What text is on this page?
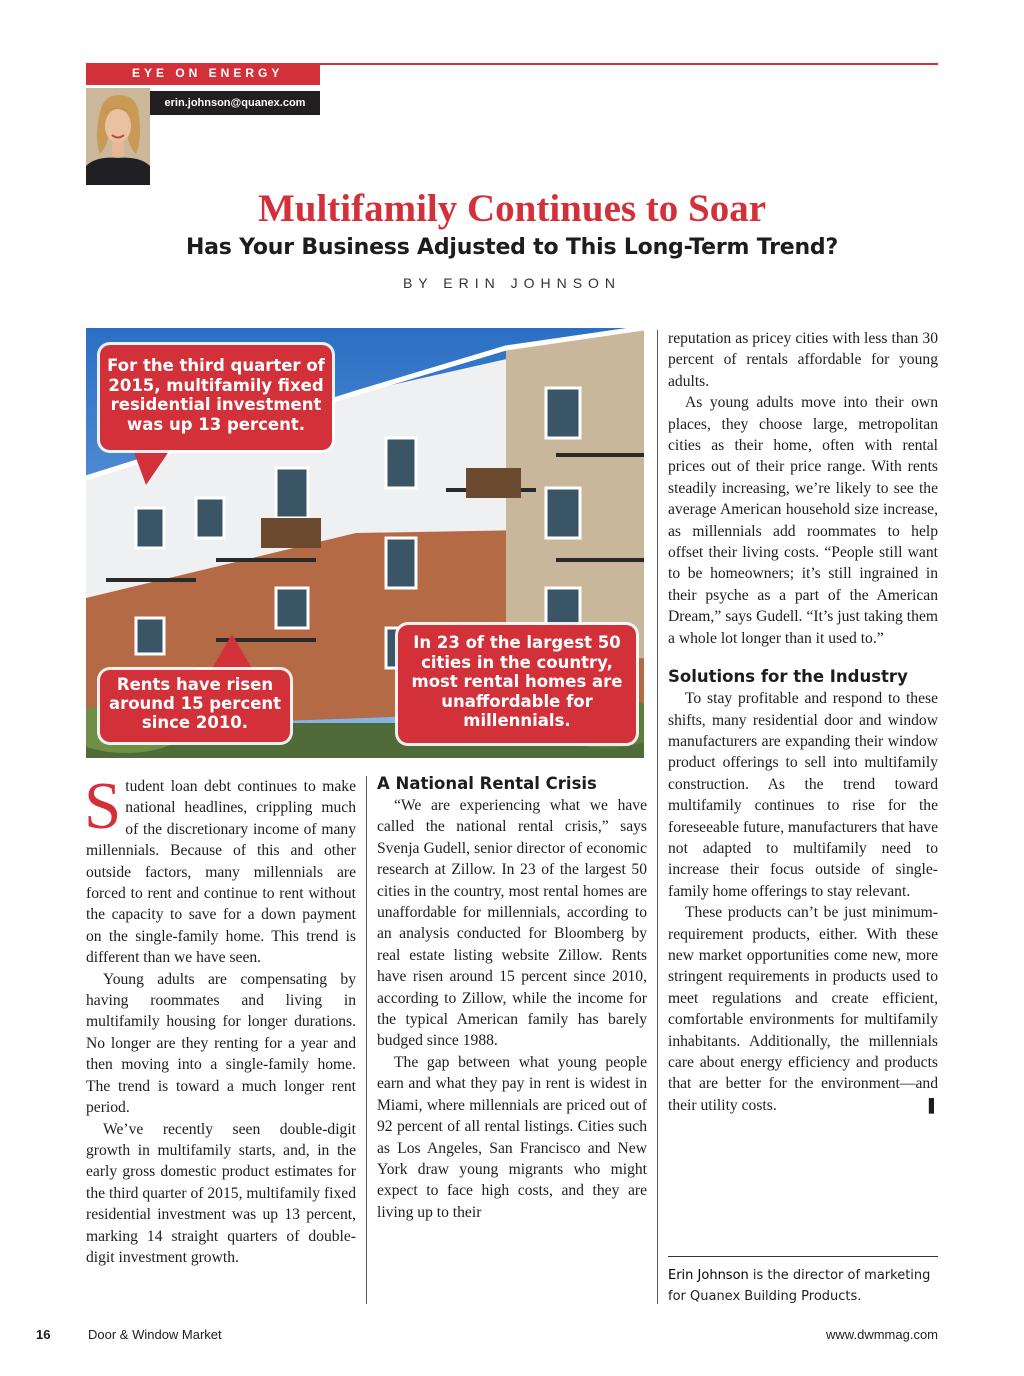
EYE ON ENERGY
erin.johnson@quanex.com
Multifamily Continues to Soar
Has Your Business Adjusted to This Long-Term Trend?
BY ERIN JOHNSON
For the third quarter of 2015, multifamily fixed residential investment was up 13 percent.
Rents have risen around 15 percent since 2010.
In 23 of the largest 50 cities in the country, most rental homes are unaffordable for millennials.

Student loan debt continues to make national headlines, crippling much of the discretionary income of many millennials. Because of this and other outside factors, many millennials are forced to rent and continue to rent without the capacity to save for a down payment on the single-family home. This trend is different than we have seen.

Young adults are compensating by having roommates and living in multifamily housing for longer durations. No longer are they renting for a year and then moving into a single-family home. The trend is toward a much longer rent period.

We’ve recently seen double-digit growth in multifamily starts, and, in the early gross domestic product estimates for the third quarter of 2015, multifamily fixed residential investment was up 13 percent, marking 14 straight quarters of double-digit investment growth.

A National Rental Crisis

“We are experiencing what we have called the national rental crisis,” says Svenja Gudell, senior director of economic research at Zillow. In 23 of the largest 50 cities in the country, most rental homes are unaffordable for millennials, according to an analysis conducted for Bloomberg by real estate listing website Zillow. Rents have risen around 15 percent since 2010, according to Zillow, while the income for the typical American family has barely budged since 1988.

The gap between what young people earn and what they pay in rent is widest in Miami, where millennials are priced out of 92 percent of all rental listings. Cities such as Los Angeles, San Francisco and New York draw young migrants who might expect to face high costs, and they are living up to their

reputation as pricey cities with less than 30 percent of rentals affordable for young adults.

As young adults move into their own places, they choose large, metropolitan cities as their home, often with rental prices out of their price range. With rents steadily increasing, we’re likely to see the average American household size increase, as millennials add roommates to help offset their living costs. “People still want to be homeowners; it’s still ingrained in their psyche as a part of the American Dream,” says Gudell. “It’s just taking them a whole lot longer than it used to.”

Solutions for the Industry

To stay profitable and respond to these shifts, many residential door and window manufacturers are expanding their window product offerings to sell into multifamily construction. As the trend toward multifamily continues to rise for the foreseeable future, manufacturers that have not adapted to multifamily need to increase their focus outside of single-family home offerings to stay relevant.

These products can’t be just minimum-requirement products, either. With these new market opportunities come new, more stringent requirements in products used to meet regulations and create efficient, comfortable environments for multifamily inhabitants. Additionally, the millennials care about energy efficiency and products that are better for the environment—and their utility costs.	❚

Erin Johnson is the director of marketing for Quanex Building Products.
16	Door & Window Market	www.dwmmag.com
